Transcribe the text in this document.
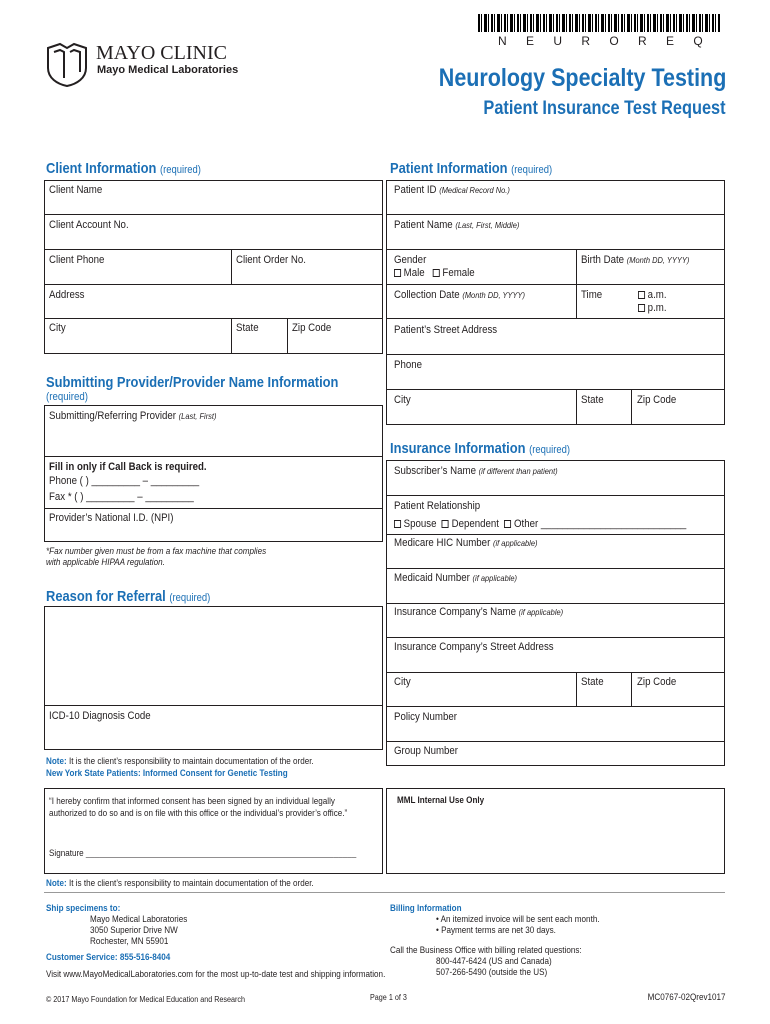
N E U R O R E Q
MAYO CLINIC
Mayo Medical Laboratories	Neurology Specialty Testing
Patient Insurance Test Request
Client Information (required)
Client Name
Client Account No.
Client Phone	Client Order No.
Address
City	State	Zip Code
Submitting Provider/Provider Name Information
(required)
Submitting/Referring Provider (Last, First)
Fill in only if Call Back is required.
Phone ( ) _________ – _________
Fax * ( ) _________ – _________
Provider’s National I.D. (NPI)
*Fax number given must be from a fax machine that complies
with applicable HIPAA regulation.
Reason for Referral (required)
ICD-10 Diagnosis Code
Note: It is the client’s responsibility to maintain documentation of the order.
New York State Patients: Informed Consent for Genetic Testing
“I hereby confirm that informed consent has been signed by an individual legally
authorized to do so and is on file with this office or the individual’s provider’s office.”
Signature ____________________________________________________________
MML Internal Use Only
Patient Information (required)
Patient ID (Medical Record No.)
Patient Name (Last, First, Middle)
Gender
Male Female
Birth Date (Month DD, YYYY)
Collection Date (Month DD, YYYY)	Time	a.m.
p.m.
Patient’s Street Address
Phone
City	State	Zip Code
Insurance Information (required)
Subscriber’s Name (if different than patient)
Patient Relationship
Spouse Dependent Other ___________________________
Medicare HIC Number (if applicable)
Medicaid Number (if applicable)
Insurance Company’s Name (if applicable)
Insurance Company’s Street Address
City	State	Zip Code
Policy Number
Group Number
Note: It is the client’s responsibility to maintain documentation of the order.
Ship specimens to:
Mayo Medical Laboratories
3050 Superior Drive NW
Rochester, MN 55901
Customer Service: 855-516-8404
Visit www.MayoMedicalLaboratories.com for the most up-to-date test and shipping information.
Billing Information
• An itemized invoice will be sent each month.
• Payment terms are net 30 days.
Call the Business Office with billing related questions:
800-447-6424 (US and Canada)
507-266-5490 (outside the US)
© 2017 Mayo Foundation for Medical Education and Research	Page 1 of 3	MC0767-02Qrev1017
